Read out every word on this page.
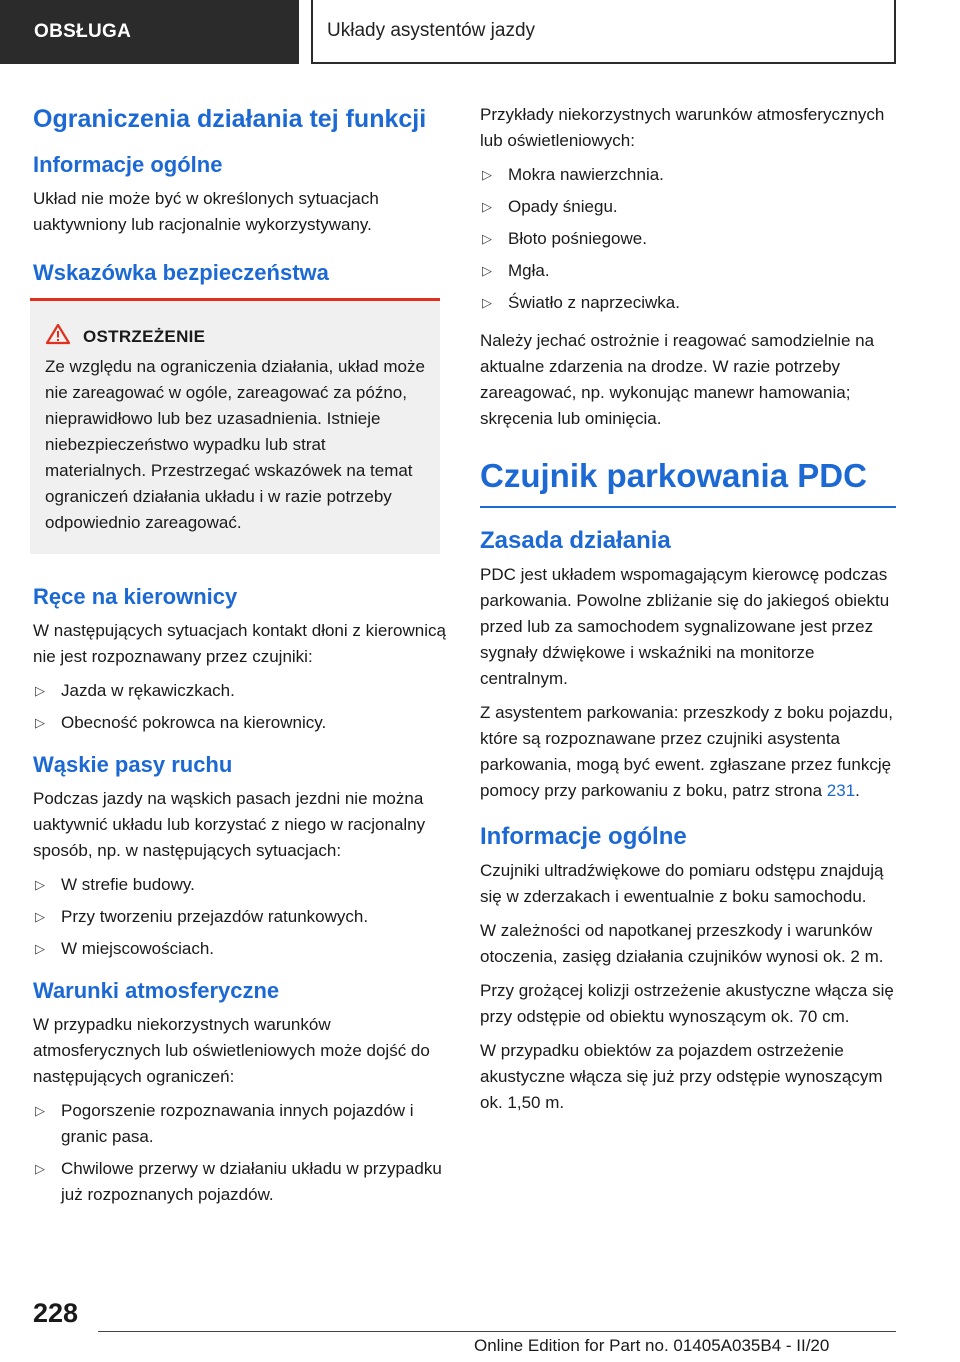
OBSŁUGA	Układy asystentów jazdy
Ograniczenia działania tej funkcji
Informacje ogólne

Układ nie może być w określonych sytuacjach uaktywniony lub racjonalnie wykorzystywany.

Wskazówka bezpieczeństwa
OSTRZEŻENIE

Ze względu na ograniczenia działania, układ może nie zareagować w ogóle, zareagować za późno, nieprawidłowo lub bez uzasadnienia. Istnieje niebezpieczeństwo wypadku lub strat materialnych. Przestrzegać wskazówek na temat ograniczeń działania układu i w razie potrzeby odpowiednio zareagować.

Ręce na kierownicy

W następujących sytuacjach kontakt dłoni z kierownicą nie jest rozpoznawany przez czujniki:

▷ Jazda w rękawiczkach.
▷ Obecność pokrowca na kierownicy.
Wąskie pasy ruchu

Podczas jazdy na wąskich pasach jezdni nie można uaktywnić układu lub korzystać z niego w racjonalny sposób, np. w następujących sytuacjach:

▷ W strefie budowy.
▷ Przy tworzeniu przejazdów ratunkowych.
▷ W miejscowościach.
Warunki atmosferyczne

W przypadku niekorzystnych warunków atmosferycznych lub oświetleniowych może dojść do następujących ograniczeń:

▷ Pogorszenie rozpoznawania innych pojazdów i granic pasa.
▷ Chwilowe przerwy w działaniu układu w przypadku już rozpoznanych pojazdów.

Przykłady niekorzystnych warunków atmosferycznych lub oświetleniowych:

▷ Mokra nawierzchnia.
▷ Opady śniegu.
▷ Błoto pośniegowe.
▷ Mgła.
▷ Światło z naprzeciwka.

Należy jechać ostrożnie i reagować samodzielnie na aktualne zdarzenia na drodze. W razie potrzeby zareagować, np. wykonując manewr hamowania; skręcenia lub ominięcia.

Czujnik parkowania PDC
Zasada działania

PDC jest układem wspomagającym kierowcę podczas parkowania. Powolne zbliżanie się do jakiegoś obiektu przed lub za samochodem sygnalizowane jest przez sygnały dźwiękowe i wskaźniki na monitorze centralnym.

Z asystentem parkowania: przeszkody z boku pojazdu, które są rozpoznawane przez czujniki asystenta parkowania, mogą być ewent. zgłaszane przez funkcję pomocy przy parkowaniu z boku, patrz strona 231.

Informacje ogólne

Czujniki ultradźwiękowe do pomiaru odstępu znajdują się w zderzakach i ewentualnie z boku samochodu.

W zależności od napotkanej przeszkody i warunków otoczenia, zasięg działania czujników wynosi ok. 2 m.

Przy grożącej kolizji ostrzeżenie akustyczne włącza się przy odstępie od obiektu wynoszącym ok. 70 cm.

W przypadku obiektów za pojazdem ostrzeżenie akustyczne włącza się już przy odstępie wynoszącym ok. 1,50 m.

228
Online Edition for Part no. 01405A035B4 - II/20
